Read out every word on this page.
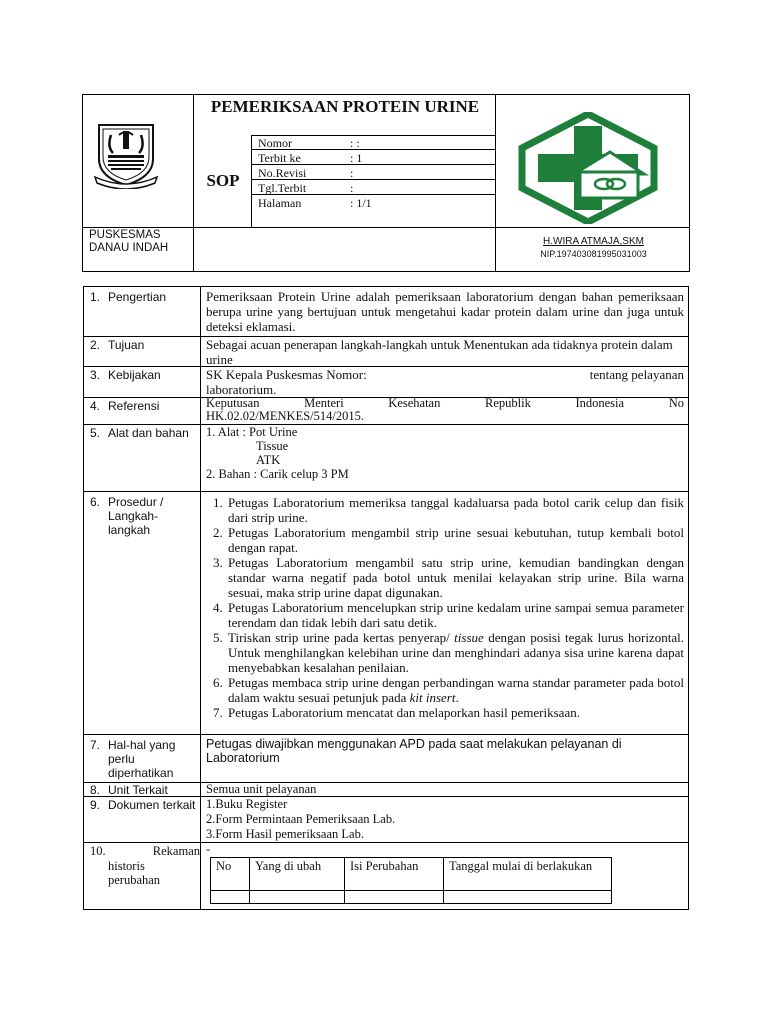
PEMERIKSAAN PROTEIN URINE
SOP
Nomor	: :
Terbit ke	: 1
No.Revisi	:
Tgl.Terbit	:
Halaman	: 1/1
PUSKESMAS
DANAU INDAH
H.WIRA ATMAJA,SKM
NIP.197403081995031003
1. Pengertian	Pemeriksaan Protein Urine adalah pemeriksaan laboratorium dengan bahan pemeriksaan berupa urine yang bertujuan untuk mengetahui kadar protein dalam urine dan juga untuk deteksi eklamasi.
2. Tujuan	Sebagai acuan penerapan langkah-langkah untuk Menentukan ada tidaknya protein dalam urine
3. Kebijakan	SK Kepala Puskesmas Nomor:	tentang pelayanan
laboratorium.
4. Referensi	Keputusan	Menteri	Kesehatan	Republik	Indonesia	No
HK.02.02/MENKES/514/2015.
5. Alat dan bahan	1. Alat : Pot Urine
Tissue
ATK
2. Bahan : Carik celup 3 PM
6. Prosedur / Langkah-langkah
1. Petugas Laboratorium memeriksa tanggal kadaluarsa pada botol carik celup dan fisik dari strip urine.
2. Petugas Laboratorium mengambil strip urine sesuai kebutuhan, tutup kembali botol dengan rapat.
3. Petugas Laboratorium mengambil satu strip urine, kemudian bandingkan dengan standar warna negatif pada botol untuk menilai kelayakan strip urine. Bila warna sesuai, maka strip urine dapat digunakan.
4. Petugas Laboratorium mencelupkan strip urine kedalam urine sampai semua parameter terendam dan tidak lebih dari satu detik.
5. Tiriskan strip urine pada kertas penyerap/ tissue dengan posisi tegak lurus horizontal. Untuk menghilangkan kelebihan urine dan menghindari adanya sisa urine karena dapat menyebabkan kesalahan penilaian.
6. Petugas membaca strip urine dengan perbandingan warna standar parameter pada botol dalam waktu sesuai petunjuk pada kit insert.
7. Petugas Laboratorium mencatat dan melaporkan hasil pemeriksaan.
7. Hal-hal yang perlu diperhatikan
Petugas diwajibkan menggunakan APD pada saat melakukan pelayanan di Laboratorium
8. Unit Terkait	Semua unit pelayanan
9. Dokumen terkait 1.Buku Register
2.Form Permintaan Pemeriksaan Lab.
3.Form Hasil pemeriksaan Lab.
10.	Rekaman
historis perubahan
-
No	Yang di ubah	Isi Perubahan	Tanggal mulai di berlakukan
